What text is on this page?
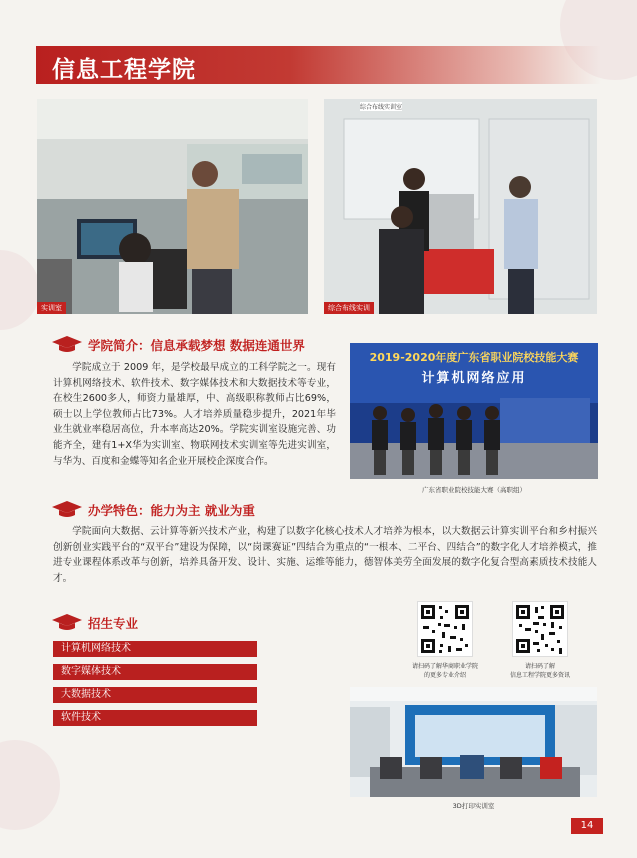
信息工程学院
实训室
综合布线实训室
综合布线实训
学院简介：信息承载梦想 数据连通世界
学院成立于 2009 年，是学校最早成立的工科学院之一。现有计算机网络技术、软件技术、数字媒体技术和大数据技术等专业，在校生2600多人，师资力量雄厚，中、高级职称教师占比69%，硕士以上学位教师占比73%。人才培养质量稳步提升，2021年毕业生就业率稳居高位，升本率高达20%。学院实训室设施完善、功能齐全，建有1+X华为实训室、物联网技术实训室等先进实训室，与华为、百度和金蝶等知名企业开展校企深度合作。
2019-2020年度广东省职业院校技能大赛
计算机网络应用
广东省职业院校技能大赛（高职组）
办学特色：能力为主 就业为重
学院面向大数据、云计算等新兴技术产业，构建了以数字化核心技术人才培养为根本，以大数据云计算实训平台和乡村振兴创新创业实践平台的“双平台”建设为保障，以“岗课赛证”四结合为重点的“一根本、二平台、四结合”的数字化人才培养模式，推进专业课程体系改革与创新，培养具备开发、设计、实施、运维等能力，德智体美劳全面发展的数字化复合型高素质技术技能人才。
招生专业
计算机网络技术
数字媒体技术
大数据技术
软件技术
请扫码了解华商职业学院
的更多专业介绍
请扫码了解
信息工程学院更多资讯
3D打印实训室
14
